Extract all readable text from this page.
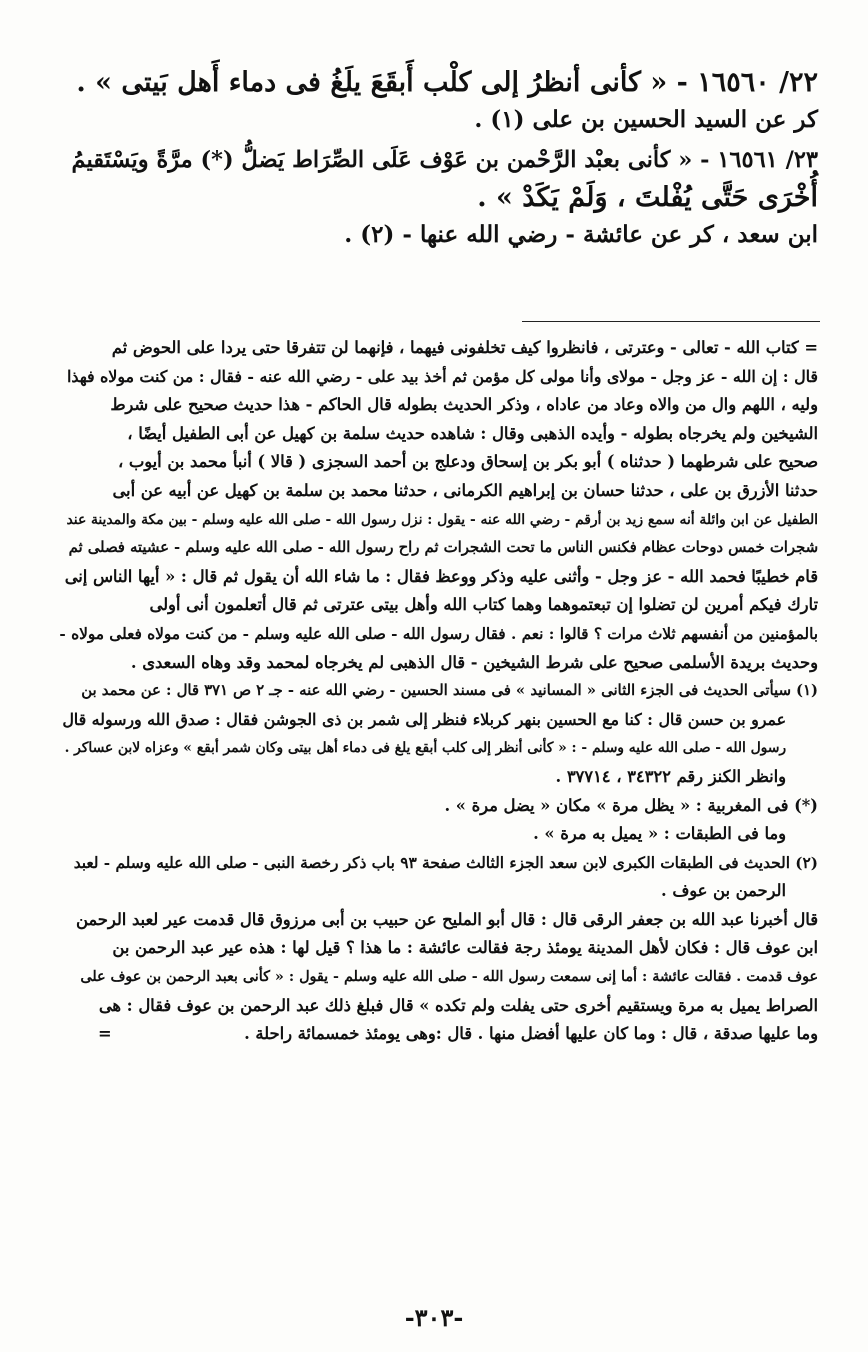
٢٢/ ١٦٥٦٠ - « كأنى أنظرُ إلى كلْب أَبقَعَ يلَغُ فى دماء أَهل بَيتى » .

كر عن السيد الحسين بن على (١) .

٢٣/ ١٦٥٦١ - « كأنى بعبْد الرَّحْمن بن عَوْف عَلَى الصِّرَاط يَضلُّ (*) مرَّةً ويَسْتَقيمُ

أُخْرَى حَتَّى يُفْلتَ ، وَلَمْ يَكَدْ » .

ابن سعد ، كر عن عائشة - رضي الله عنها - (٢) .

= كتاب الله - تعالى - وعترتى ، فانظروا كيف تخلفونى فيهما ، فإنهما لن تتفرقا حتى يردا على الحوض ثم

قال : إن الله - عز وجل - مولاى وأنا مولى كل مؤمن ثم أخذ بيد على - رضي الله عنه - فقال : من كنت مولاه فهذا

وليه ، اللهم وال من والاه وعاد من عاداه ، وذكر الحديث بطوله قال الحاكم - هذا حديث صحيح على شرط

الشيخين ولم يخرجاه بطوله - وأيده الذهبى وقال : شاهده حديث سلمة بن كهيل عن أبى الطفيل أيضًا ،

صحيح على شرطهما ( حدثناه ) أبو بكر بن إسحاق ودعلج بن أحمد السجزى ( قالا ) أنبأ محمد بن أيوب ،

حدثنا الأزرق بن على ، حدثنا حسان بن إبراهيم الكرمانى ، حدثنا محمد بن سلمة بن كهيل عن أبيه عن أبى

الطفيل عن ابن وائلة أنه سمع زيد بن أرقم - رضي الله عنه - يقول : نزل رسول الله - صلى الله عليه وسلم - بين مكة والمدينة عند

شجرات خمس دوحات عظام فكنس الناس ما تحت الشجرات ثم راح رسول الله - صلى الله عليه وسلم - عشيته فصلى ثم

قام خطيبًا فحمد الله - عز وجل - وأثنى عليه وذكر ووعظ فقال : ما شاء الله أن يقول ثم قال : « أيها الناس إنى

تارك فيكم أمرين لن تضلوا إن تبعتموهما وهما كتاب الله وأهل بيتى عترتى ثم قال أتعلمون أنى أولى

بالمؤمنين من أنفسهم ثلاث مرات ؟ قالوا : نعم . فقال رسول الله - صلى الله عليه وسلم - من كنت مولاه فعلى مولاه -

وحديث بريدة الأسلمى صحيح على شرط الشيخين - قال الذهبى لم يخرجاه لمحمد وقد وهاه السعدى .

(١) سيأتى الحديث فى الجزء الثانى « المسانيد » فى مسند الحسين - رضي الله عنه - جـ ٢ ص ٣٧١ قال : عن محمد بن

عمرو بن حسن قال : كنا مع الحسين بنهر كربلاء فنظر إلى شمر بن ذى الجوشن فقال : صدق الله ورسوله قال

رسول الله - صلى الله عليه وسلم - : « كأنى أنظر إلى كلب أبقع يلغ فى دماء أهل بيتى وكان شمر أبقع » وعزاه لابن عساكر .

وانظر الكنز رقم ٣٤٣٢٢ ، ٣٧٧١٤ .

(*) فى المغربية : « يظل مرة » مكان « يضل مرة » .

وما فى الطبقات : « يميل به مرة » .

(٢) الحديث فى الطبقات الكبرى لابن سعد الجزء الثالث صفحة ٩٣ باب ذكر رخصة النبى - صلى الله عليه وسلم - لعبد

الرحمن بن عوف .

قال أخبرنا عبد الله بن جعفر الرقى قال : قال أبو المليح عن حبيب بن أبى مرزوق قال قدمت عير لعبد الرحمن

ابن عوف قال : فكان لأهل المدينة يومئذ رجة فقالت عائشة : ما هذا ؟ قيل لها : هذه عير عبد الرحمن بن

عوف قدمت . فقالت عائشة : أما إنى سمعت رسول الله - صلى الله عليه وسلم - يقول : « كأنى بعبد الرحمن بن عوف على

الصراط يميل به مرة ويستقيم أخرى حتى يفلت ولم تكده » قال فبلغ ذلك عبد الرحمن بن عوف فقال : هى

وما عليها صدقة ، قال : وما كان عليها أفضل منها . قال :وهى يومئذ خمسمائة راحلة .

=

-٣٠٣-
